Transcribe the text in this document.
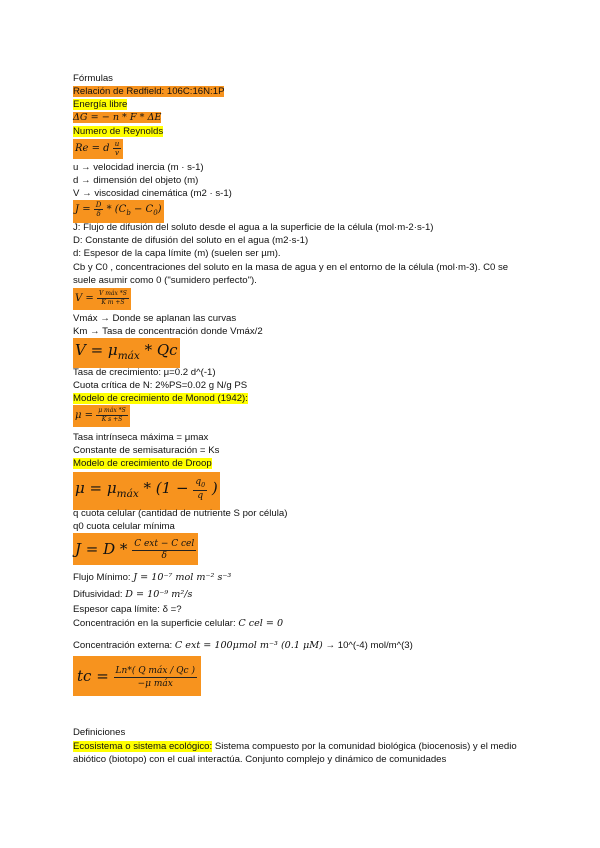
Fórmulas
Relación de Redfield: 106C:16N:1P
Energía libre
ΔG = − n * F * ΔE
Numero de Reynolds
Re = d $\frac{u}{v}$
u → velocidad inercia (m · s-1)
d → dimensión del objeto (m)
V → viscosidad cinemática (m2 · s-1)
$J = \frac{D}{\delta} * (C_b - C_0)$
J: Flujo de difusión del soluto desde el agua a la superficie de la célula (mol·m-2·s-1)
D: Constante de difusión del soluto en el agua (m2·s-1)
d: Espesor de la capa límite (m) (suelen ser µm).
Cb y C0 , concentraciones del soluto en la masa de agua y en el entorno de la célula (mol·m-3). C0 se suele asumir como 0 ("sumidero perfecto").
$V = \frac{\text{V máx *S}}{\text{K m +S}}$
Vmáx → Donde se aplanan las curvas
Km → Tasa de concentración donde Vmáx/2
$V = \mu_{máx} * Qc$
Tasa de crecimiento: μ=0.2 d^(-1)
Cuota crítica de N: 2%PS=0.02 g N/g PS
Modelo de crecimiento de Monod (1942):
$\mu = \frac{\text{μ máx *S}}{\text{K s +S}}$
Tasa intrínseca máxima = μmax
Constante de semisaturación = Ks
Modelo de crecimiento de Droop
$\mu = \mu_{máx} * (1 - \frac{q_0}{q}$ )
q cuota celular (cantidad de nutriente S por célula)
q0 cuota celular mínima
$J = D * \frac{\text{C ext − C cel}}{\delta}$
Flujo Mínimo: J = 10⁻⁷ mol m⁻² s⁻³
Difusividad: D = 10⁻⁹ m²/s
Espesor capa límite: δ =?
Concentración en la superficie celular: C cel = 0
Concentración externa: C ext = 100μmol m⁻³ (0.1 μM) → 10^(-4) mol/m^(3)
tc = $\frac{\text{Ln*( Q máx / Qc )}}{\text{−μ máx}}$
Definiciones
Ecosistema o sistema ecológico: Sistema compuesto por la comunidad biológica (biocenosis) y el medio abiótico (biotopo) con el cual interactúa. Conjunto complejo y dinámico de comunidades
